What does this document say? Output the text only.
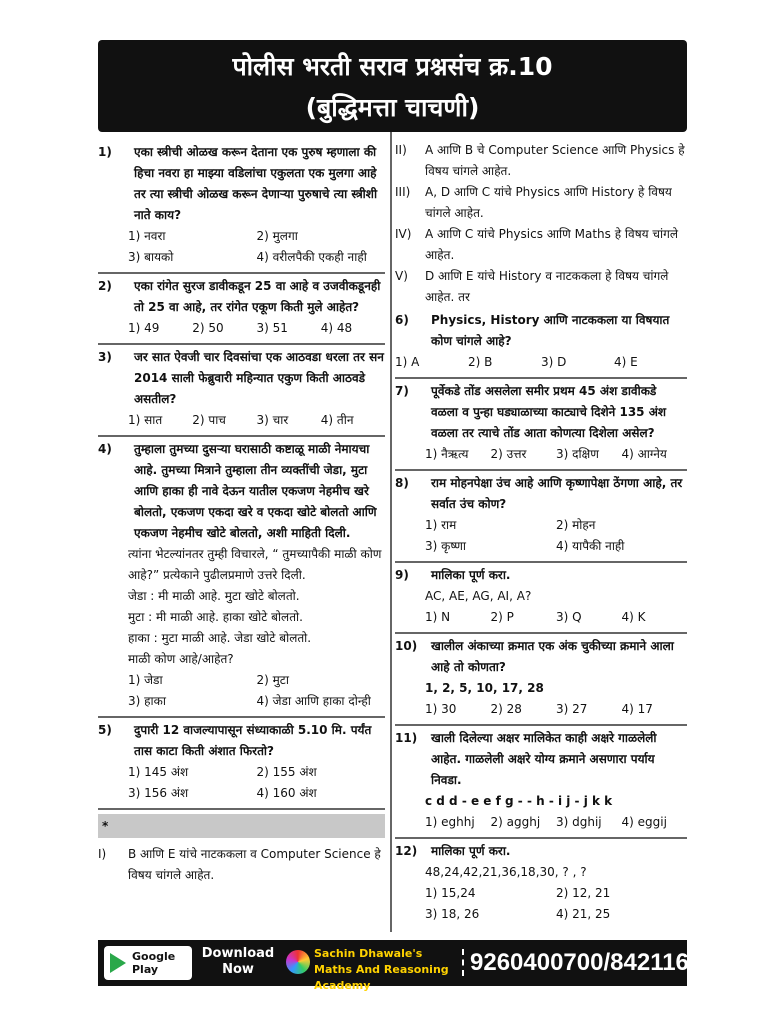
पोलीस भरती सराव प्रश्नसंच क्र.10
(बुद्धिमत्ता चाचणी)
1)	एका स्त्रीची ओळख करून देताना एक पुरुष म्हणाला की हिचा नवरा हा माझ्या वडिलांचा एकुलता एक मुलगा आहे तर त्या स्त्रीची ओळख करून देणाऱ्या पुरुषाचे त्या स्त्रीशी नाते काय?
1) नवरा	2) मुलगा
3) बायको	4) वरीलपैकी एकही नाही
2)	एका रांगेत सुरज डावीकडून 25 वा आहे व उजवीकडूनही तो 25 वा आहे, तर रांगेत एकूण किती मुले आहेत?
1) 49	2) 50	3) 51	4) 48
3)	जर सात ऐवजी चार दिवसांचा एक आठवडा धरला तर सन 2014 साली फेब्रुवारी महिन्यात एकुण किती आठवडे असतील?
1) सात	2) पाच	3) चार	4) तीन
4)	तुम्हाला तुमच्या दुसऱ्या घरासाठी कष्टाळू माळी नेमायचा आहे. तुमच्या मित्राने तुम्हाला तीन व्यक्तींची जेडा, मुटा आणि हाका ही नावे देऊन यातील एकजण नेहमीच खरे बोलतो, एकजण एकदा खरे व एकदा खोटे बोलतो आणि एकजण नेहमीच खोटे बोलतो, अशी माहिती दिली.

त्यांना भेटल्यांनतर तुम्ही विचारले, “ तुमच्यापैकी माळी कोण आहे?” प्रत्येकाने पुढीलप्रमाणे उत्तरे दिली.

जेडा : मी माळी आहे. मुटा खोटे बोलतो.

मुटा : मी माळी आहे. हाका खोटे बोलतो.

हाका : मुटा माळी आहे. जेडा खोटे बोलतो.

माळी कोण आहे/आहेत?

1) जेडा	2) मुटा
3) हाका	4) जेडा आणि हाका दोन्ही
5)	दुपारी 12 वाजल्यापासून संध्याकाळी 5.10 मि. पर्यंत तास काटा किती अंशात फिरतो?
1) 145 अंश	2) 155 अंश
3) 156 अंश	4) 160 अंश
*
I)	B आणि E यांचे नाटककला व Computer Science हे विषय चांगले आहेत.
II)	A आणि B चे Computer Science आणि Physics हे विषय चांगले आहेत.
III)	A, D आणि C यांचे Physics आणि History हे विषय चांगले आहेत.
IV)	A आणि C यांचे Physics आणि Maths हे विषय चांगले आहेत.
V)	D आणि E यांचे History व नाटककला हे विषय चांगले आहेत. तर
6)	Physics, History आणि नाटककला या विषयात कोण चांगले आहे?
1) A	2) B	3) D	4) E
7)	पूर्वेकडे तोंड असलेला समीर प्रथम 45 अंश डावीकडे वळला व पुन्हा घड्याळाच्या काट्याचे दिशेने 135 अंश वळला तर त्याचे तोंड आता कोणत्या दिशेला असेल?
1) नैऋत्य	2) उत्तर	3) दक्षिण	4) आग्नेय
8)	राम मोहनपेक्षा उंच आहे आणि कृष्णापेक्षा ठेंगणा आहे, तर सर्वात उंच कोण?
1) राम	2) मोहन
3) कृष्णा	4) यापैकी नाही
9)	मालिका पूर्ण करा.

AC, AE, AG, AI, A?

1) N	2) P	3) Q	4) K
10)	खालील अंकाच्या क्रमात एक अंक चुकीच्या क्रमाने आला आहे तो कोणता?

1, 2, 5, 10, 17, 28

1) 30	2) 28	3) 27	4) 17
11)	खाली दिलेल्या अक्षर मालिकेत काही अक्षरे गाळलेली आहेत. गाळलेली अक्षरे योग्य क्रमाने असणारा पर्याय निवडा.

c d d - e e f g - - h - i j - j k k

1) eghhj	2) agghj	3) dghij	4) eggij
12)	मालिका पूर्ण करा.

48,24,42,21,36,18,30, ? , ?

1) 15,24	2) 12, 21
3) 18, 26	4) 21, 25
Google Play
Download Now
Sachin Dhawale's Maths And Reasoning Academy
9260400700/8421160703
